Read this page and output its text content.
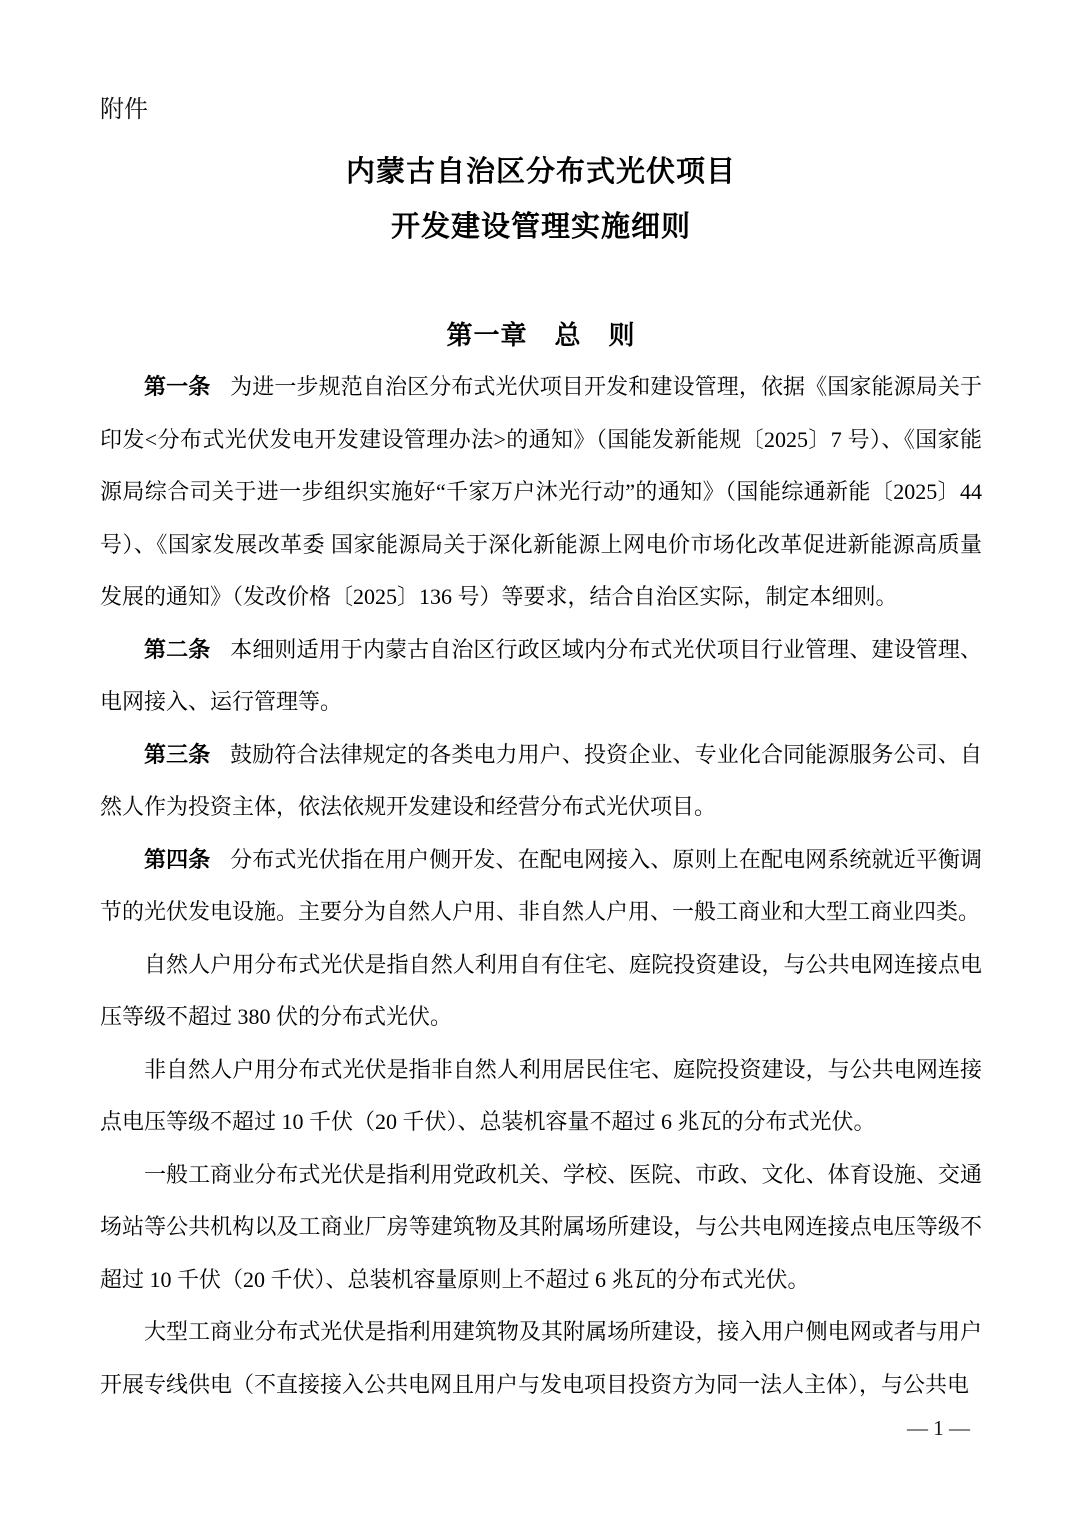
附件
内蒙古自治区分布式光伏项目
开发建设管理实施细则
第一章　总　则

第一条 为进一步规范自治区分布式光伏项目开发和建设管理，依据《国家能源局关于印发<分布式光伏发电开发建设管理办法>的通知》（国能发新能规〔2025〕7 号）、《国家能源局综合司关于进一步组织实施好“千家万户沐光行动”的通知》（国能综通新能〔2025〕44 号）、《国家发展改革委 国家能源局关于深化新能源上网电价市场化改革促进新能源高质量发展的通知》（发改价格〔2025〕136 号）等要求，结合自治区实际，制定本细则。

第二条 本细则适用于内蒙古自治区行政区域内分布式光伏项目行业管理、建设管理、电网接入、运行管理等。

第三条 鼓励符合法律规定的各类电力用户、投资企业、专业化合同能源服务公司、自然人作为投资主体，依法依规开发建设和经营分布式光伏项目。

第四条 分布式光伏指在用户侧开发、在配电网接入、原则上在配电网系统就近平衡调节的光伏发电设施。主要分为自然人户用、非自然人户用、一般工商业和大型工商业四类。

自然人户用分布式光伏是指自然人利用自有住宅、庭院投资建设，与公共电网连接点电压等级不超过 380 伏的分布式光伏。

非自然人户用分布式光伏是指非自然人利用居民住宅、庭院投资建设，与公共电网连接点电压等级不超过 10 千伏（20 千伏）、总装机容量不超过 6 兆瓦的分布式光伏。

一般工商业分布式光伏是指利用党政机关、学校、医院、市政、文化、体育设施、交通场站等公共机构以及工商业厂房等建筑物及其附属场所建设，与公共电网连接点电压等级不超过 10 千伏（20 千伏）、总装机容量原则上不超过 6 兆瓦的分布式光伏。

大型工商业分布式光伏是指利用建筑物及其附属场所建设，接入用户侧电网或者与用户开展专线供电（不直接接入公共电网且用户与发电项目投资方为同一法人主体），与公共电

— 1 —
